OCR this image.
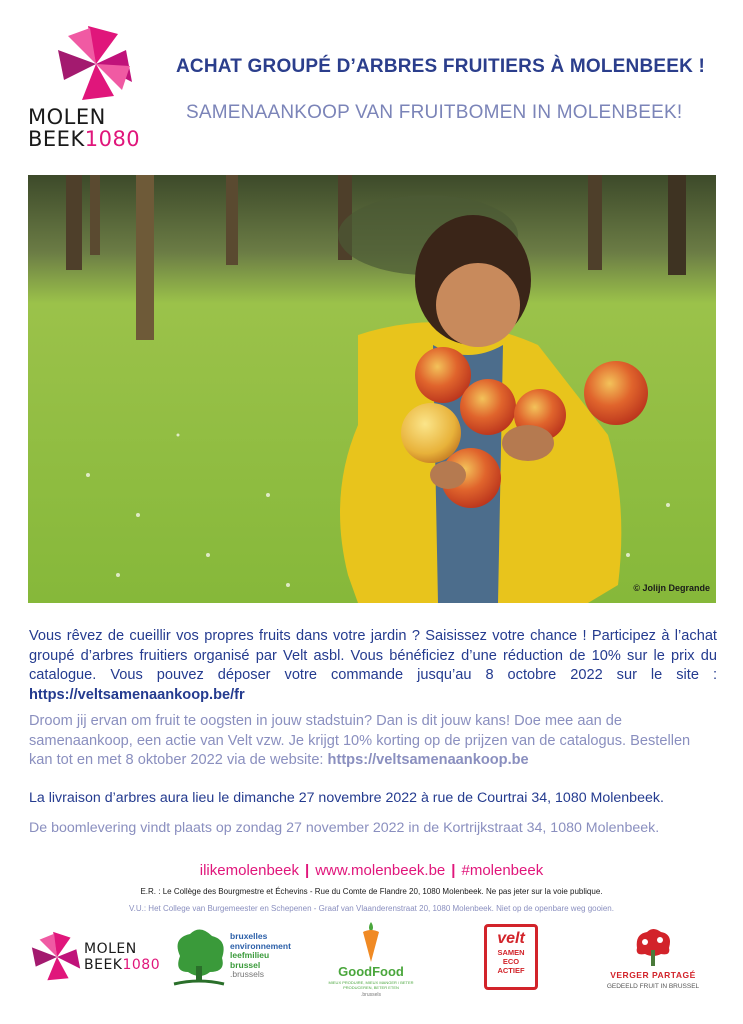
MOLEN
BEEK1080
ACHAT GROUPÉ D’ARBRES FRUITIERS À MOLENBEEK !
SAMENAANKOOP VAN FRUITBOMEN IN MOLENBEEK!
© Jolijn Degrande
Vous rêvez de cueillir vos propres fruits dans votre jardin ? Saisissez votre chance ! Participez à l’achat groupé d’arbres fruitiers organisé par Velt asbl. Vous bénéficiez d’une réduction de 10% sur le prix du catalogue. Vous pouvez déposer votre commande jusqu’au 8 octobre 2022 sur le site : https://veltsamenaankoop.be/fr
Droom jij ervan om fruit te oogsten in jouw stadstuin? Dan is dit jouw kans! Doe mee aan de samenaankoop, een actie van Velt vzw. Je krijgt 10% korting op de prijzen van de catalogus. Bestellen kan tot en met 8 oktober 2022 via de website: https://veltsamenaankoop.be
La livraison d’arbres aura lieu le dimanche 27 novembre 2022 à rue de Courtrai 34, 1080 Molenbeek.
De boomlevering vindt plaats op zondag 27 november 2022 in de Kortrijkstraat 34, 1080 Molenbeek.
ilikemolenbeek | www.molenbeek.be | #molenbeek
E.R. : Le Collège des Bourgmestre et Échevins - Rue du Comte de Flandre 20, 1080 Molenbeek. Ne pas jeter sur la voie publique.
V.U.: Het College van Burgemeester en Schepenen - Graaf van Vlaanderenstraat 20, 1080 Molenbeek. Niet op de openbare weg gooien.
MOLEN
BEEK1080
bruxelles
environnement
leefmilieu
brussel
.brussels	GoodFood
MIEUX PRODUIRE, MIEUX MANGER / BETER PRODUCEREN, BETER ETEN
.brussels
velt
SAMEN
ECO
ACTIEF	VERGER PARTAGÉ
GEDEELD FRUIT IN BRUSSEL
